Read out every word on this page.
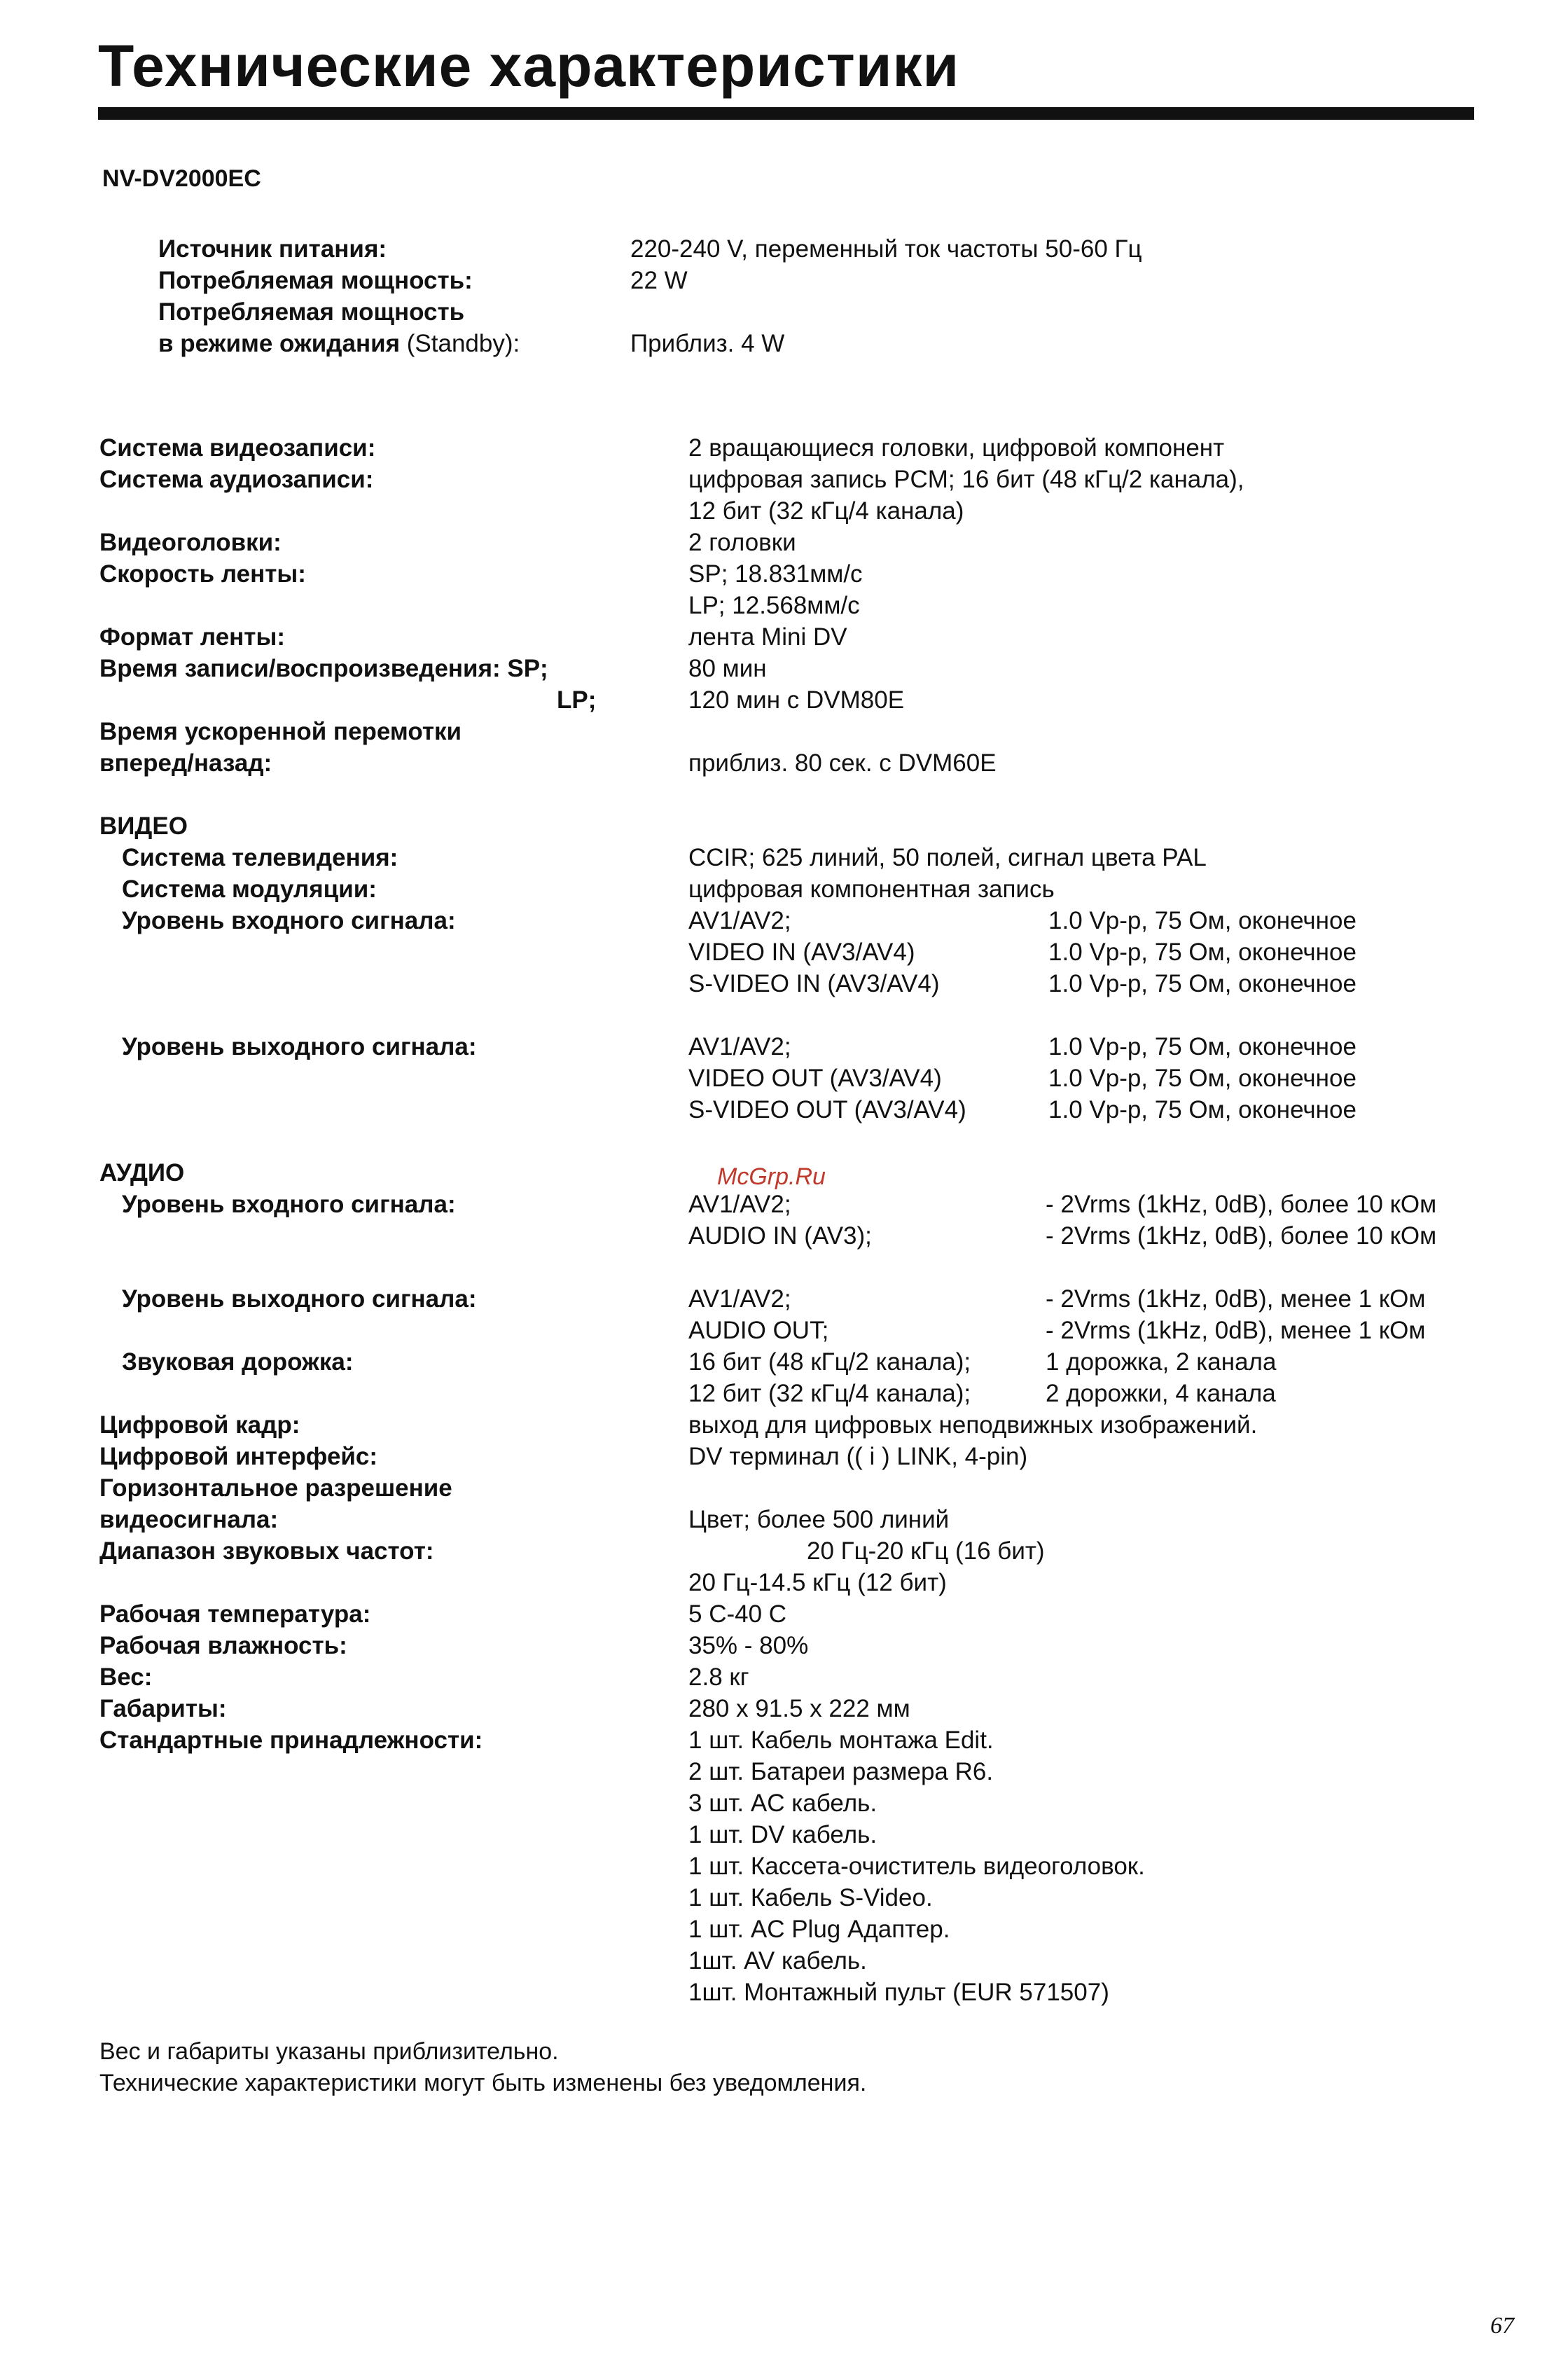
Технические характеристики
NV-DV2000EC
Источник питания:	220-240 V, переменный ток частоты 50-60 Гц
Потребляемая мощность:	22 W
Потребляемая мощность
в режиме ожидания (Standby):	Приблиз. 4 W
Система видеозаписи:	2 вращающиеся головки, цифровой компонент
Система аудиозаписи:	цифровая запись PCM; 16 бит (48 кГц/2 канала),
12 бит (32 кГц/4 канала)
Видеоголовки:	2 головки
Скорость ленты:	SP; 18.831мм/с
LP; 12.568мм/с
Формат ленты:	лента Mini DV
Время записи/воспроизведения: SP;	80 мин
LP;	120 мин с DVM80E
Время ускоренной перемотки
вперед/назад:	приблиз. 80 сек. с DVM60E
ВИДЕО
Система телевидения:	CCIR; 625 линий, 50 полей, сигнал цвета PAL
Система модуляции:	цифровая компонентная запись
Уровень входного сигнала:	AV1/AV2;	1.0 Vp-p, 75 Ом, оконечное
VIDEO IN (AV3/AV4)	1.0 Vp-p, 75 Ом, оконечное
S-VIDEO IN (AV3/AV4)	1.0 Vp-p, 75 Ом, оконечное
Уровень выходного сигнала:	AV1/AV2;	1.0 Vp-p, 75 Ом, оконечное
VIDEO OUT (AV3/AV4)	1.0 Vp-p, 75 Ом, оконечное
S-VIDEO OUT (AV3/AV4)	1.0 Vp-p, 75 Ом, оконечное
McGrp.Ru
АУДИО
Уровень входного сигнала:	AV1/AV2;	- 2Vrms (1kHz, 0dB), более 10 кОм
AUDIO IN (AV3);	- 2Vrms (1kHz, 0dB), более 10 кОм
Уровень выходного сигнала:	AV1/AV2;	- 2Vrms (1kHz, 0dB), менее 1 кОм
AUDIO OUT;	- 2Vrms (1kHz, 0dB), менее 1 кОм
Звуковая дорожка:	16 бит (48 кГц/2 канала);	1 дорожка, 2 канала
12 бит (32 кГц/4 канала);	2 дорожки, 4 канала
Цифровой кадр:	выход для цифровых неподвижных изображений.
Цифровой интерфейс:	DV терминал (( i ) LINK, 4-pin)
Горизонтальное разрешение
видеосигнала:	Цвет; более 500 линий
Диапазон звуковых частот:	20 Гц-20 кГц (16 бит)
20 Гц-14.5 кГц (12 бит)
Рабочая температура:	5 C-40 C
Рабочая влажность:	35% - 80%
Вес:	2.8 кг
Габариты:	280 x 91.5 x 222 мм
Стандартные принадлежности:	1 шт. Кабель монтажа Edit.
2 шт. Батареи размера R6.
3 шт. AC кабель.
1 шт. DV кабель.
1 шт. Кассета-очиститель видеоголовок.
1 шт. Кабель S-Video.
1 шт. AC Plug Адаптер.
1шт. AV кабель.
1шт. Монтажный пульт (EUR 571507)
Вес и габариты указаны приблизительно.
Технические характеристики могут быть изменены без уведомления.
67
